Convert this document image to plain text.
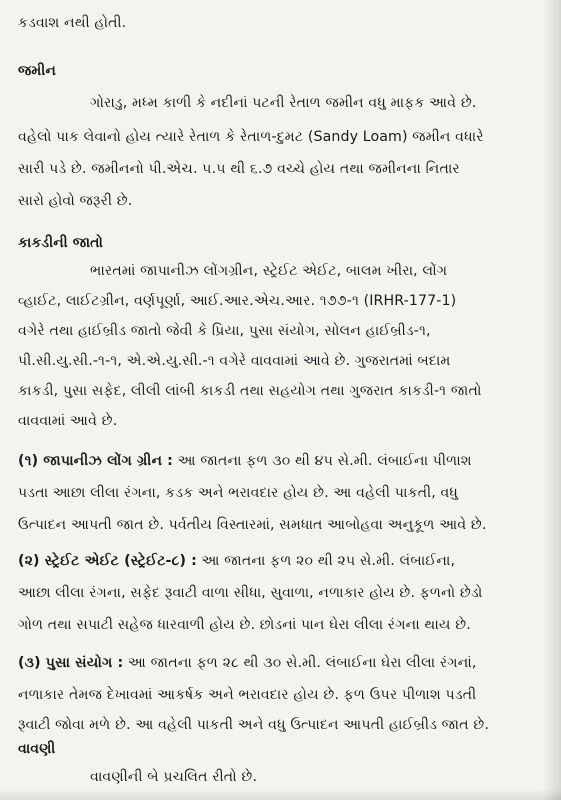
કડવાશ નથી હોતી.
જમીન
ગોરાડુ, મધ્મ કાળી કે નદીનાં પટની રેતાળ જમીન વધુ માફક આવે છે.
વહેલો પાક લેવાનો હોય ત્યારે રેતાળ કે રેતાળ-દુમટ (Sandy Loam) જમીન વધારે
સારી પડે છે. જમીનનો પી.એચ. ૫.૫ થી ૬.૭ વચ્ચે હોય તથા જમીનના નિતાર
સારો હોવો જરૂરી છે.
કાકડીની જાતો
ભારતમાં જાપાનીઝ લોંગગ્રીન, સ્ટ્રેઈટ એઈટ, બાલમ ખીરા, લોંગ
વ્હાઈટ, લાઈટગ્રીન, વર્ણપૂર્ણા, આઈ.આર.એચ.આર. ૧૭૭-૧ (IRHR-177-1)
વગેરે તથા હાઈબ્રીડ જાતો જેવી કે પ્રિયા, પુસા સંયોગ, સોલન હાઈબ્રીડ-૧,
પી.સી.યુ.સી.-૧-૧, એ.એ.યુ.સી.-૧ વગેરે વાવવામાં આવે છે. ગુજરાતમાં બદામ
કાકડી, પુસા સફેદ, લીલી લાંબી કાકડી તથા સહયોગ તથા ગુજરાત કાકડી-૧ જાતો
વાવવામાં આવે છે.
(૧) જાપાનીઝ લોંગ ગ્રીન : આ જાતના ફળ ૩૦ થી ૪૫ સે.મી. લંબાઈના પીળાશ
પડતા આછા લીલા રંગના, કડક અને ભરાવદાર હોય છે. આ વહેલી પાકતી, વધુ
ઉત્પાદન આપતી જાત છે. પર્વતીય વિસ્તારમાં, સમધાત આબોહવા અનુકૂળ આવે છે.
(૨) સ્ટ્રેઈટ એઈટ (સ્ટ્રેઈટ-૮) : આ જાતના ફળ ૨૦ થી ૨૫ સે.મી. લંબાઈના,
આછા લીલા રંગના, સફેદ રૂવાટી વાળા સીધા, સુવાળા, નળાકાર હોય છે. ફળનો છેડો
ગોળ તથા સપાટી સહેજ ધારવાળી હોય છે. છોડનાં પાન ઘેરા લીલા રંગના થાય છે.
(૩) પુસા સંયોગ : આ જાતના ફળ ૨૮ થી ૩૦ સે.મી. લંબાઈના ઘેરા લીલા રંગનાં,
નળાકાર તેમજ દેખાવમાં આકર્ષક અને ભરાવદાર હોય છે. ફળ ઉપર પીળાશ પડતી
રૂવાટી જોવા મળે છે. આ વહેલી પાકતી અને વધુ ઉત્પાદન આપતી હાઈબ્રીડ જાત છે.
વાવણી
વાવણીની બે પ્રચલિત રીતો છે.
